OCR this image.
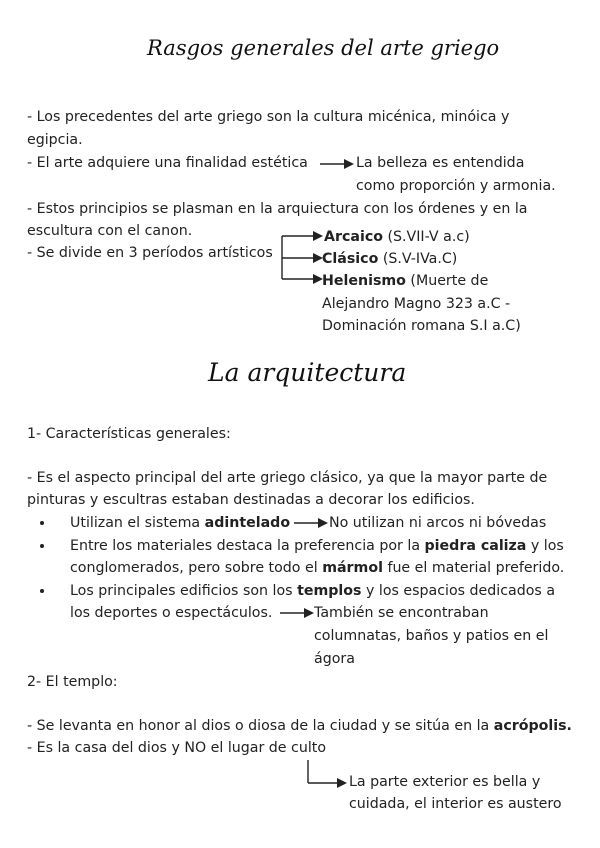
Rasgos generales del arte griego
- Los precedentes del arte griego son la cultura micénica, minóica y
egipcia.
- El arte adquiere una finalidad estética	La belleza es entendida
como proporción y armonia.
- Estos principios se plasman en la arquiectura con los órdenes y en la
escultura con el canon.
- Se divide en 3 períodos artísticos
Arcaico (S.VII-V a.c)
Clásico (S.V-IVa.C)
Helenismo (Muerte de
Alejandro Magno 323 a.C -
Dominación romana S.I a.C)
La arquitectura
1- Características generales:
- Es el aspecto principal del arte griego clásico, ya que la mayor parte de
pinturas y escultras estaban destinadas a decorar los edificios.
Utilizan el sistema adintelado	No utilizan ni arcos ni bóvedas
Entre los materiales destaca la preferencia por la piedra caliza y los
conglomerados, pero sobre todo el mármol fue el material preferido.
Los principales edificios son los templos y los espacios dedicados a
los deportes o espectáculos.	También se encontraban
columnatas, baños y patios en el
ágora
2- El templo:
- Se levanta en honor al dios o diosa de la ciudad y se sitúa en la acrópolis.
- Es la casa del dios y NO el lugar de culto
La parte exterior es bella y
cuidada, el interior es austero
